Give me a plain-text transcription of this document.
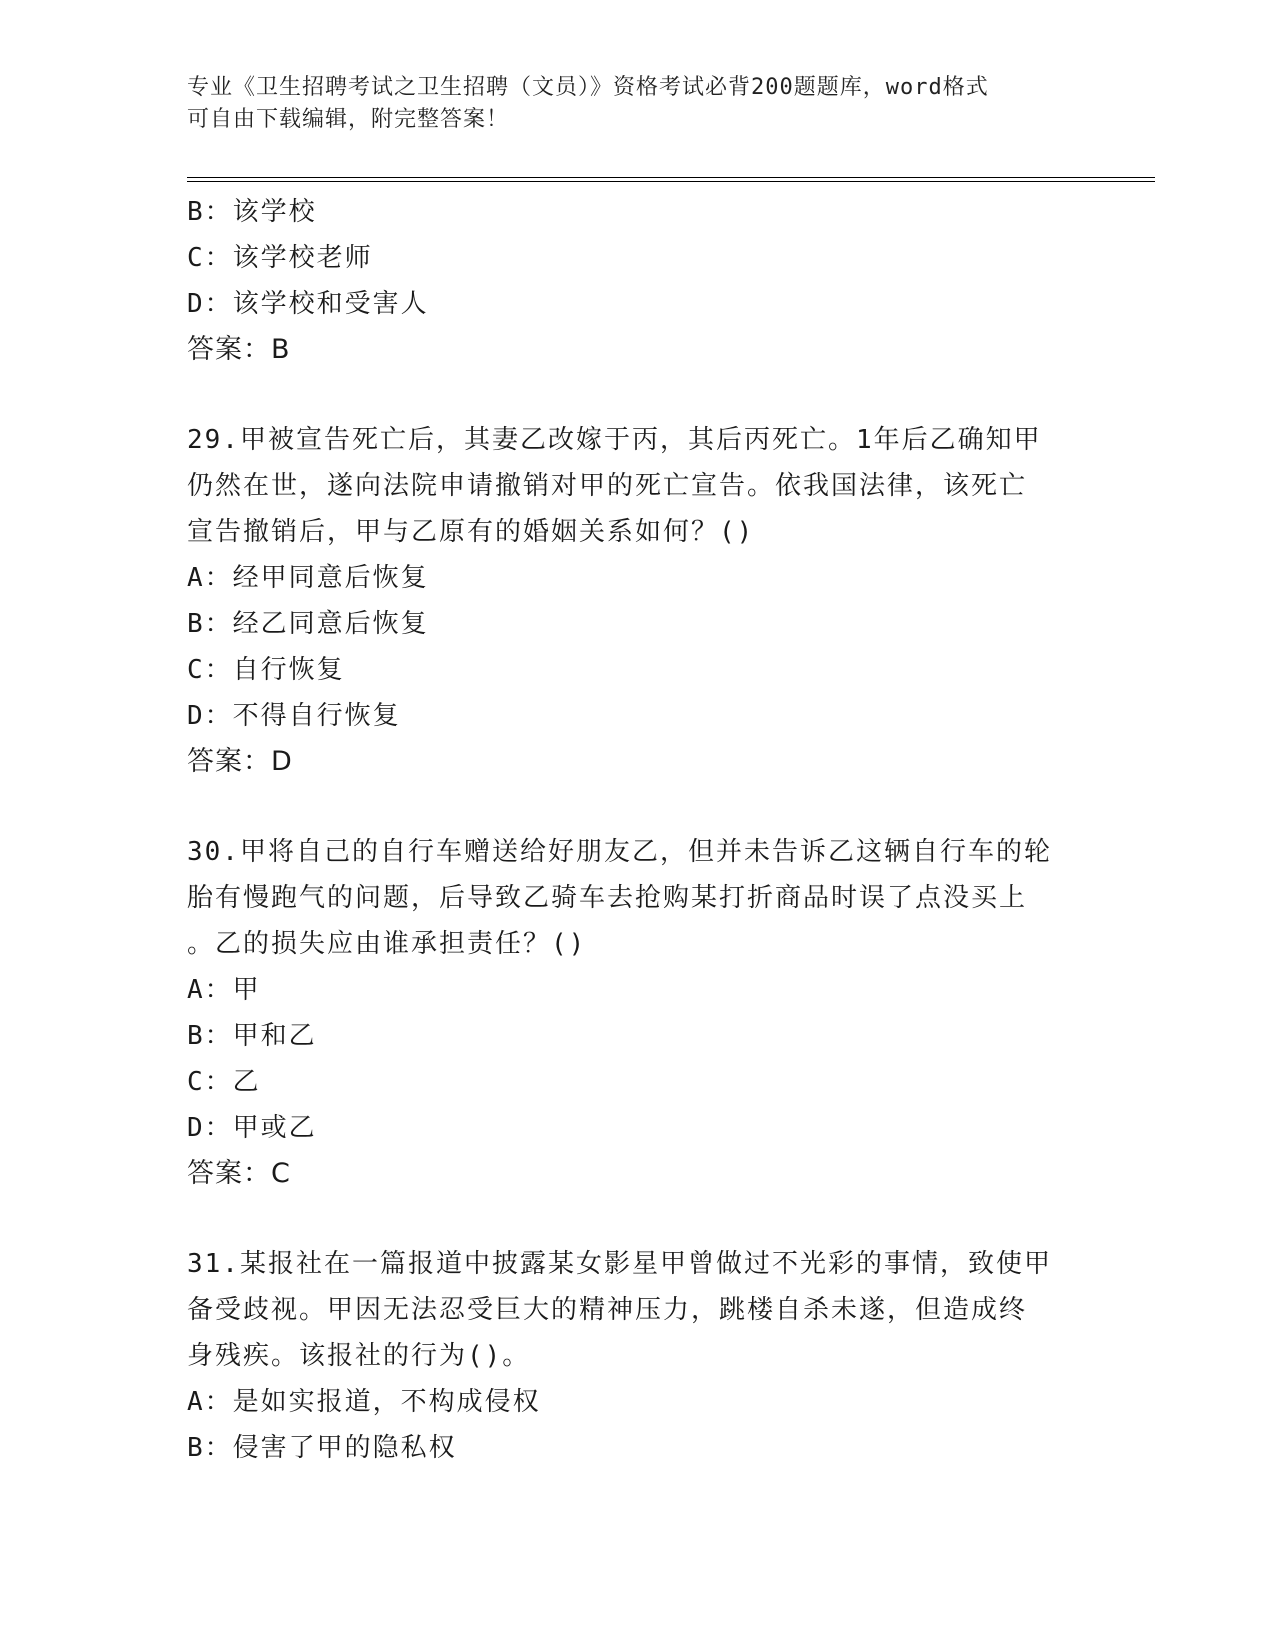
专业《卫生招聘考试之卫生招聘（文员）》资格考试必背200题题库，word格式
可自由下载编辑，附完整答案！
B：该学校
C：该学校老师
D：该学校和受害人
答案：B
29.甲被宣告死亡后，其妻乙改嫁于丙，其后丙死亡。1年后乙确知甲
仍然在世，遂向法院申请撤销对甲的死亡宣告。依我国法律，该死亡
宣告撤销后，甲与乙原有的婚姻关系如何？()
A：经甲同意后恢复
B：经乙同意后恢复
C：自行恢复
D：不得自行恢复
答案：D
30.甲将自己的自行车赠送给好朋友乙，但并未告诉乙这辆自行车的轮
胎有慢跑气的问题，后导致乙骑车去抢购某打折商品时误了点没买上
。乙的损失应由谁承担责任？()
A：甲
B：甲和乙
C：乙
D：甲或乙
答案：C
31.某报社在一篇报道中披露某女影星甲曾做过不光彩的事情，致使甲
备受歧视。甲因无法忍受巨大的精神压力，跳楼自杀未遂，但造成终
身残疾。该报社的行为()。
A：是如实报道，不构成侵权
B：侵害了甲的隐私权
